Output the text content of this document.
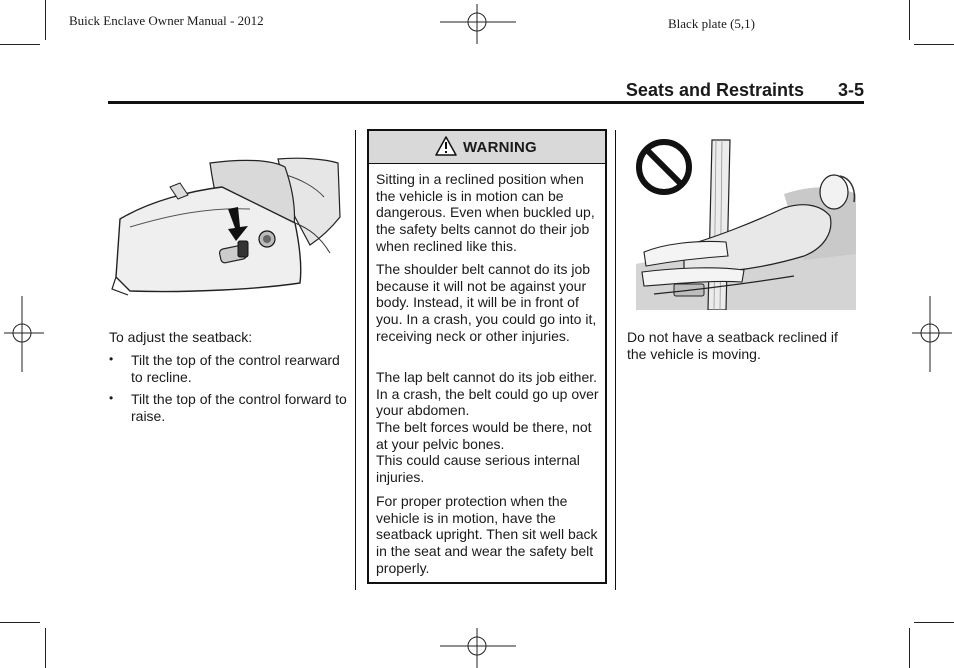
Buick Enclave Owner Manual - 2012	Black plate (5,1)
Seats and Restraints 3-5
To adjust the seatback:
• Tilt the top of the control rearward to recline.
• Tilt the top of the control forward to raise.
WARNING
Sitting in a reclined position when the vehicle is in motion can be dangerous. Even when buckled up, the safety belts cannot do their job when reclined like this.
The shoulder belt cannot do its job because it will not be against your body. Instead, it will be in front of you. In a crash, you could go into it, receiving neck or other injuries.
The lap belt cannot do its job either. In a crash, the belt could go up over your abdomen.
The belt forces would be there, not at your pelvic bones.
This could cause serious internal injuries.
For proper protection when the vehicle is in motion, have the seatback upright. Then sit well back in the seat and wear the safety belt properly.
Do not have a seatback reclined if the vehicle is moving.
